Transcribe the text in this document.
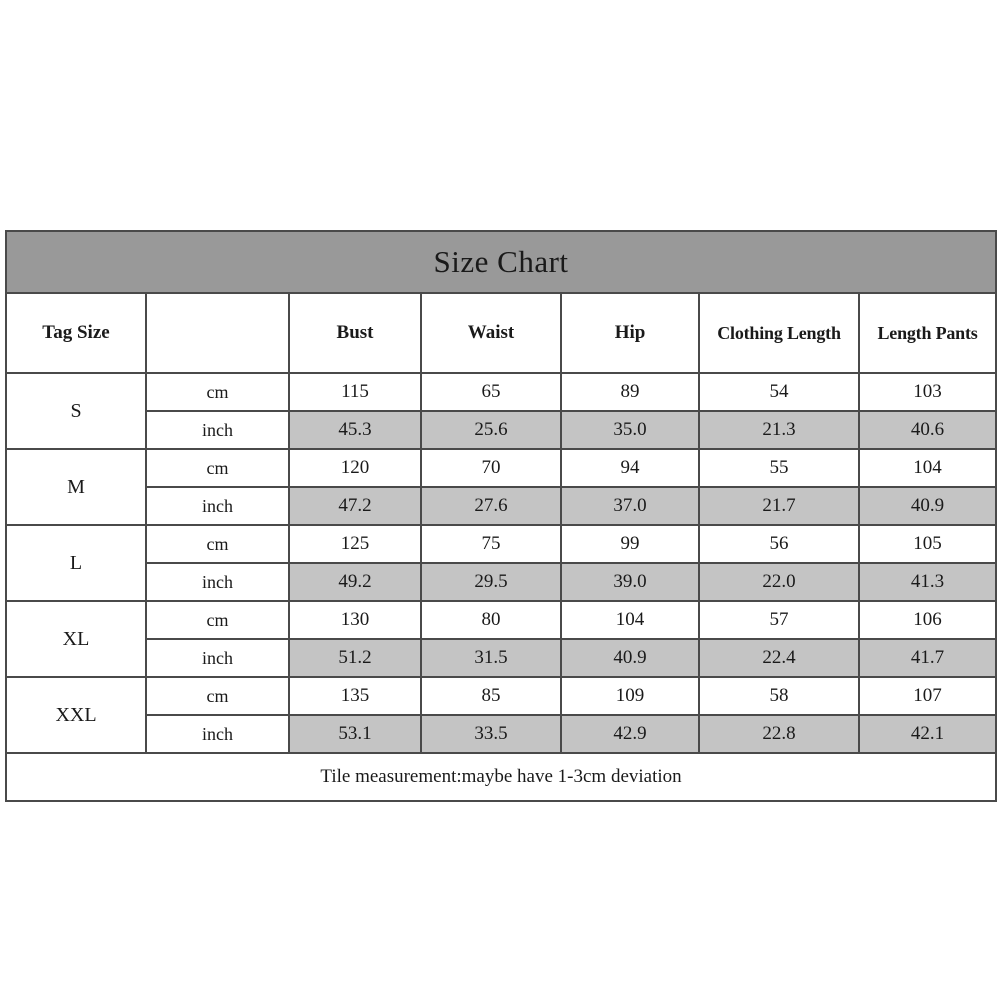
Size Chart						
Tag Size		Bust	Waist	Hip	Clothing Length	Length Pants
S	cm	115	65	89	54	103
	inch	45.3	25.6	35.0	21.3	40.6
M	cm	120	70	94	55	104
	inch	47.2	27.6	37.0	21.7	40.9
L	cm	125	75	99	56	105
	inch	49.2	29.5	39.0	22.0	41.3
XL	cm	130	80	104	57	106
	inch	51.2	31.5	40.9	22.4	41.7
XXL	cm	135	85	109	58	107
	inch	53.1	33.5	42.9	22.8	42.1
Tile measurement:maybe have 1-3cm deviation						
